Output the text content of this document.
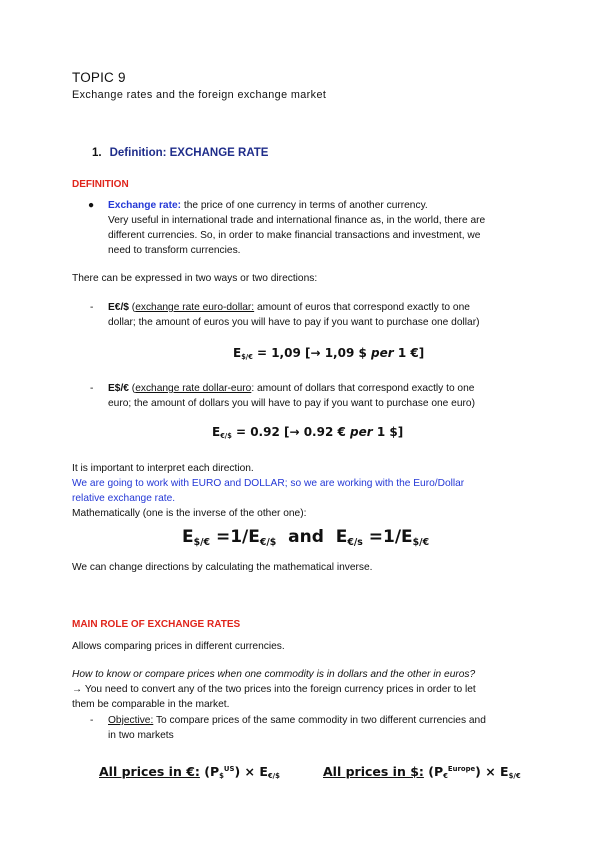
TOPIC 9
Exchange rates and the foreign exchange market
1. Definition: EXCHANGE RATE
DEFINITION
● Exchange rate: the price of one currency in terms of another currency.
Very useful in international trade and international finance as, in the world, there are
different currencies. So, in order to make financial transactions and investment, we
need to transform currencies.
There can be expressed in two ways or two directions:
- E€/$ (exchange rate euro-dollar: amount of euros that correspond exactly to one
dollar; the amount of euros you will have to pay if you want to purchase one dollar)
$E_{\$/€} = 1,09$ [→ 1,09 $ per 1 €]
- E$/€ (exchange rate dollar-euro: amount of dollars that correspond exactly to one
euro; the amount of dollars you will have to pay if you want to purchase one euro)
$E_{€/\$} = 0.92$ [→ 0.92 € per 1 $]
It is important to interpret each direction.
We are going to work with EURO and DOLLAR; so we are working with the Euro/Dollar
relative exchange rate.
Mathematically (one is the inverse of the other one):
$E_{\$/€} =1/E_{€/\$}$  and  $E_{€/s} =1/E_{\$/€}$
We can change directions by calculating the mathematical inverse.
MAIN ROLE OF EXCHANGE RATES
Allows comparing prices in different currencies.
How to know or compare prices when one commodity is in dollars and the other in euros?
→ You need to convert any of the two prices into the foreign currency prices in order to let
them be comparable in the market.
- Objective: To compare prices of the same commodity in two different currencies and
in two markets
All prices in €: $(P_{\$}^{US}) \times E_{€/\$}$	All prices in $: $(P_€^{Europe}) \times E_{\$/€}$
